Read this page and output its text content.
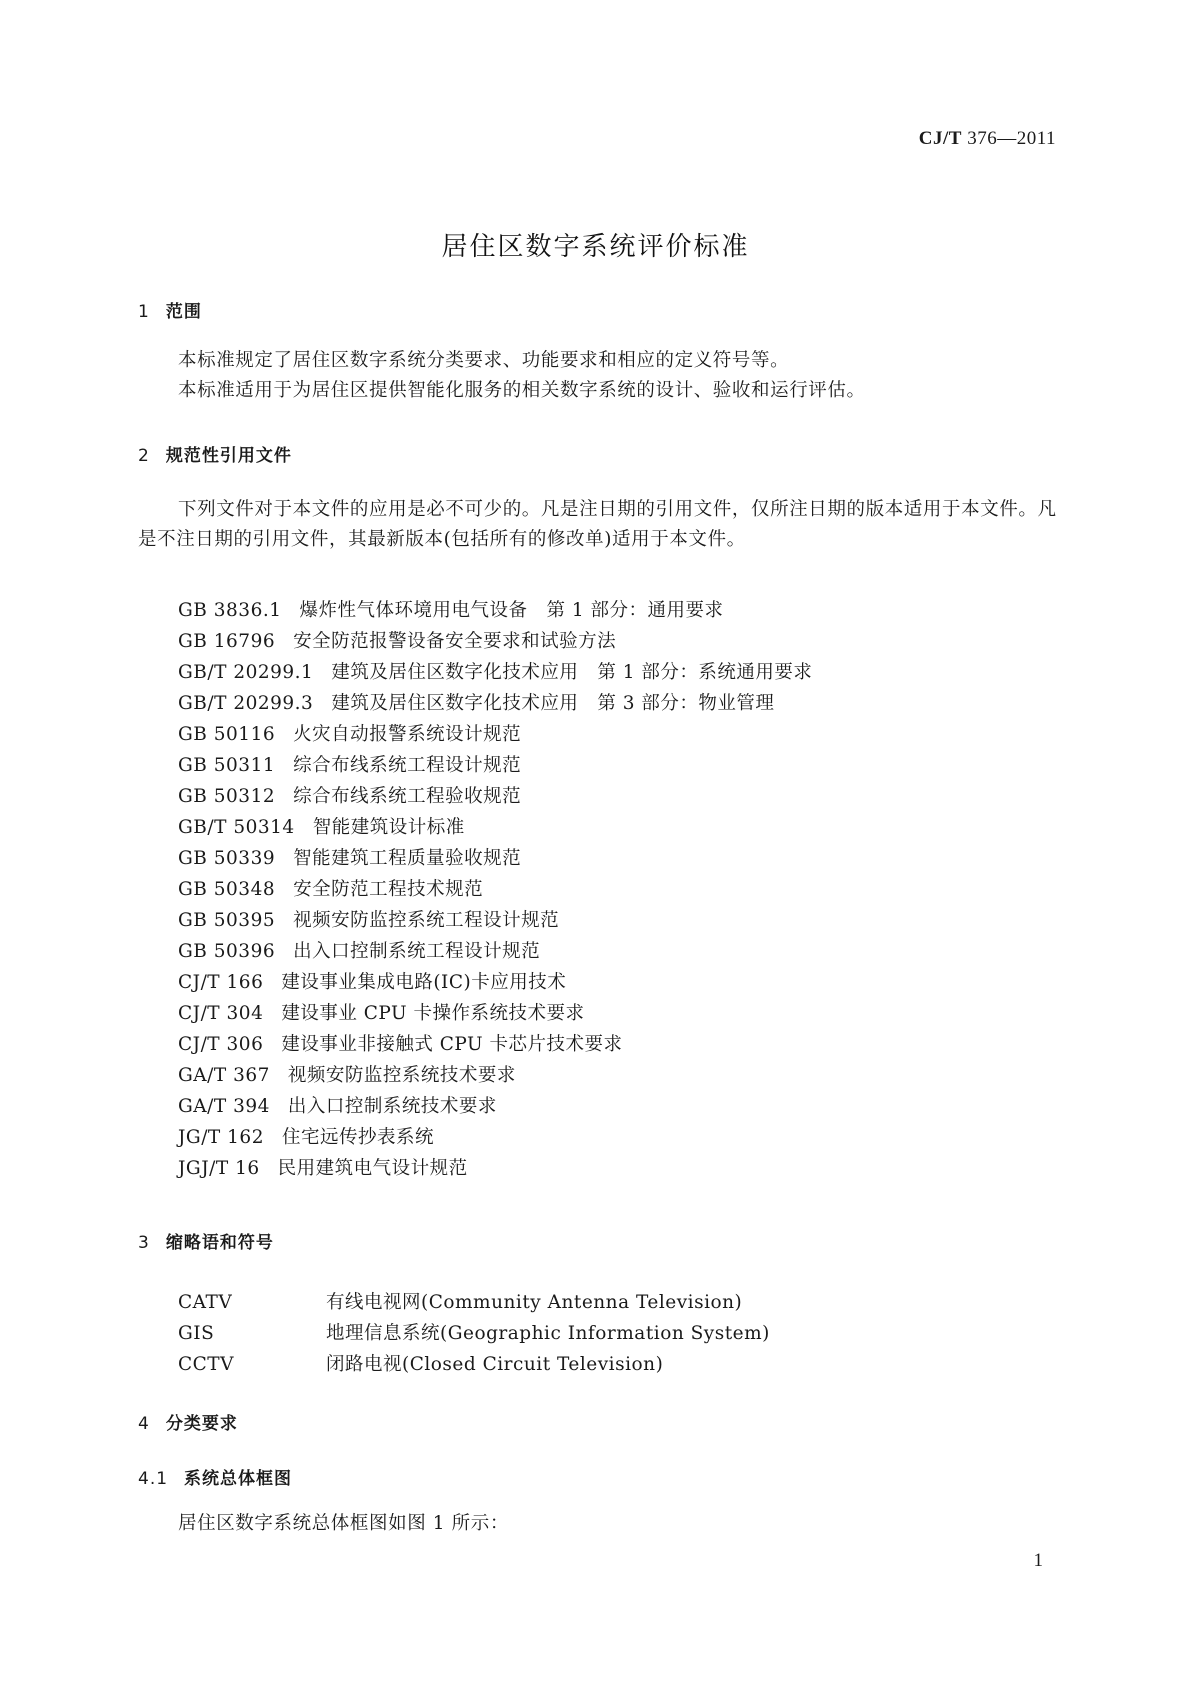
CJ/T 376—2011
居住区数字系统评价标准
1 范围
本标准规定了居住区数字系统分类要求、功能要求和相应的定义符号等。
本标准适用于为居住区提供智能化服务的相关数字系统的设计、验收和运行评估。
2 规范性引用文件
下列文件对于本文件的应用是必不可少的。凡是注日期的引用文件，仅所注日期的版本适用于本文件。凡是不注日期的引用文件，其最新版本(包括所有的修改单)适用于本文件。
GB 3836.1 爆炸性气体环境用电气设备　第 1 部分：通用要求
GB 16796 安全防范报警设备安全要求和试验方法
GB/T 20299.1 建筑及居住区数字化技术应用　第 1 部分：系统通用要求
GB/T 20299.3 建筑及居住区数字化技术应用　第 3 部分：物业管理
GB 50116 火灾自动报警系统设计规范
GB 50311 综合布线系统工程设计规范
GB 50312 综合布线系统工程验收规范
GB/T 50314 智能建筑设计标准
GB 50339 智能建筑工程质量验收规范
GB 50348 安全防范工程技术规范
GB 50395 视频安防监控系统工程设计规范
GB 50396 出入口控制系统工程设计规范
CJ/T 166 建设事业集成电路(IC)卡应用技术
CJ/T 304 建设事业 CPU 卡操作系统技术要求
CJ/T 306 建设事业非接触式 CPU 卡芯片技术要求
GA/T 367 视频安防监控系统技术要求
GA/T 394 出入口控制系统技术要求
JG/T 162 住宅远传抄表系统
JGJ/T 16 民用建筑电气设计规范
3 缩略语和符号
CATV	有线电视网(Community Antenna Television)
GIS	地理信息系统(Geographic Information System)
CCTV	闭路电视(Closed Circuit Television)
4 分类要求
4.1 系统总体框图
居住区数字系统总体框图如图 1 所示：
1
